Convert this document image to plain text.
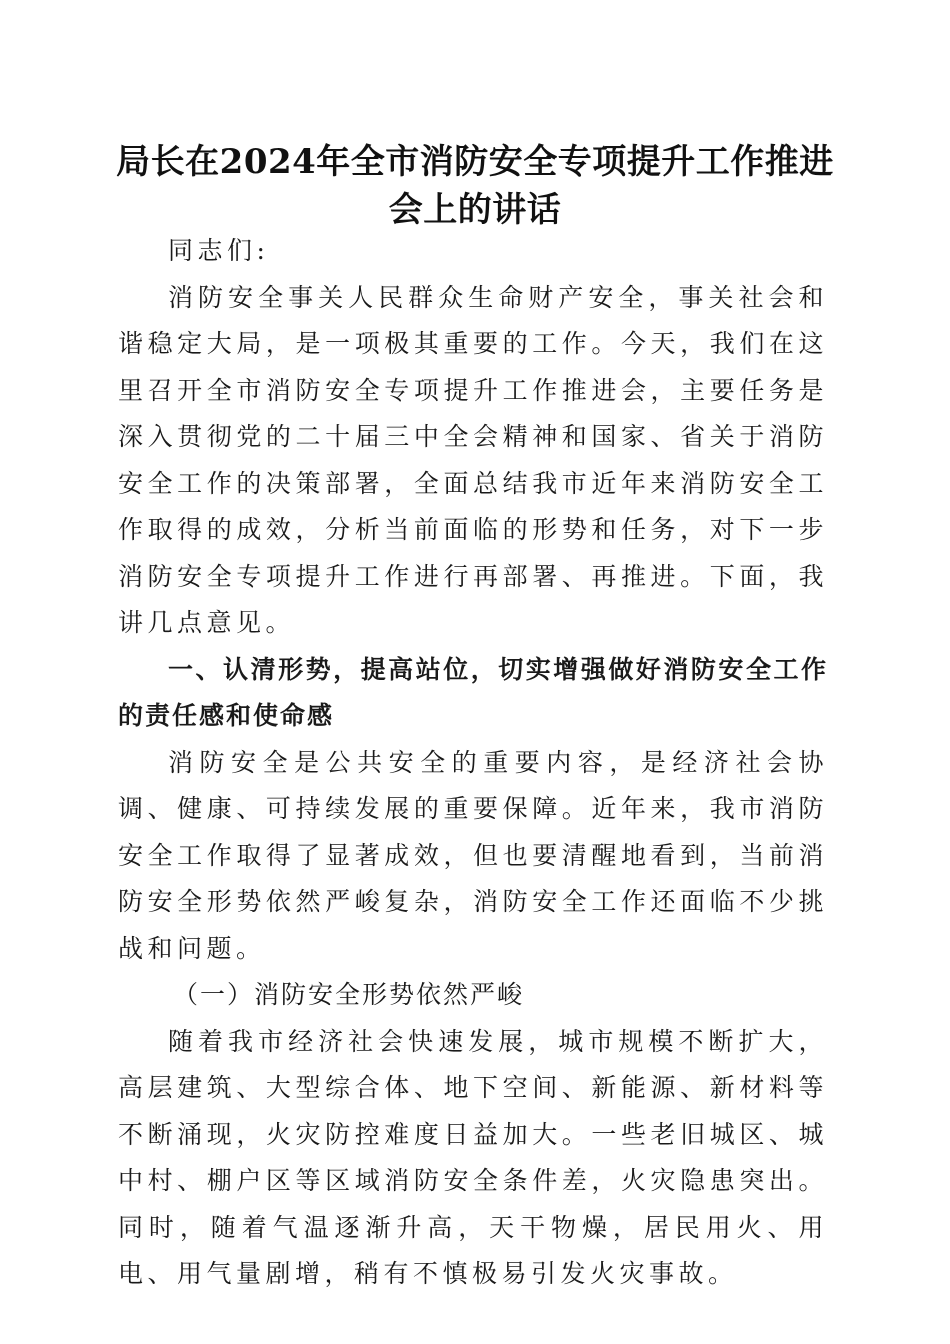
局长在2024年全市消防安全专项提升工作推进会上的讲话

同志们:

消防安全事关人民群众生命财产安全，事关社会和谐稳定大局，是一项极其重要的工作。今天，我们在这里召开全市消防安全专项提升工作推进会，主要任务是深入贯彻党的二十届三中全会精神和国家、省关于消防安全工作的决策部署，全面总结我市近年来消防安全工作取得的成效，分析当前面临的形势和任务，对下一步消防安全专项提升工作进行再部署、再推进。下面，我讲几点意见。

一、认清形势，提高站位，切实增强做好消防安全工作的责任感和使命感

消防安全是公共安全的重要内容，是经济社会协调、健康、可持续发展的重要保障。近年来，我市消防安全工作取得了显著成效，但也要清醒地看到，当前消防安全形势依然严峻复杂，消防安全工作还面临不少挑战和问题。

（一）消防安全形势依然严峻

随着我市经济社会快速发展，城市规模不断扩大，高层建筑、大型综合体、地下空间、新能源、新材料等不断涌现，火灾防控难度日益加大。一些老旧城区、城中村、棚户区等区域消防安全条件差，火灾隐患突出。同时，随着气温逐渐升高，天干物燥，居民用火、用电、用气量剧增，稍有不慎极易引发火灾事故。
